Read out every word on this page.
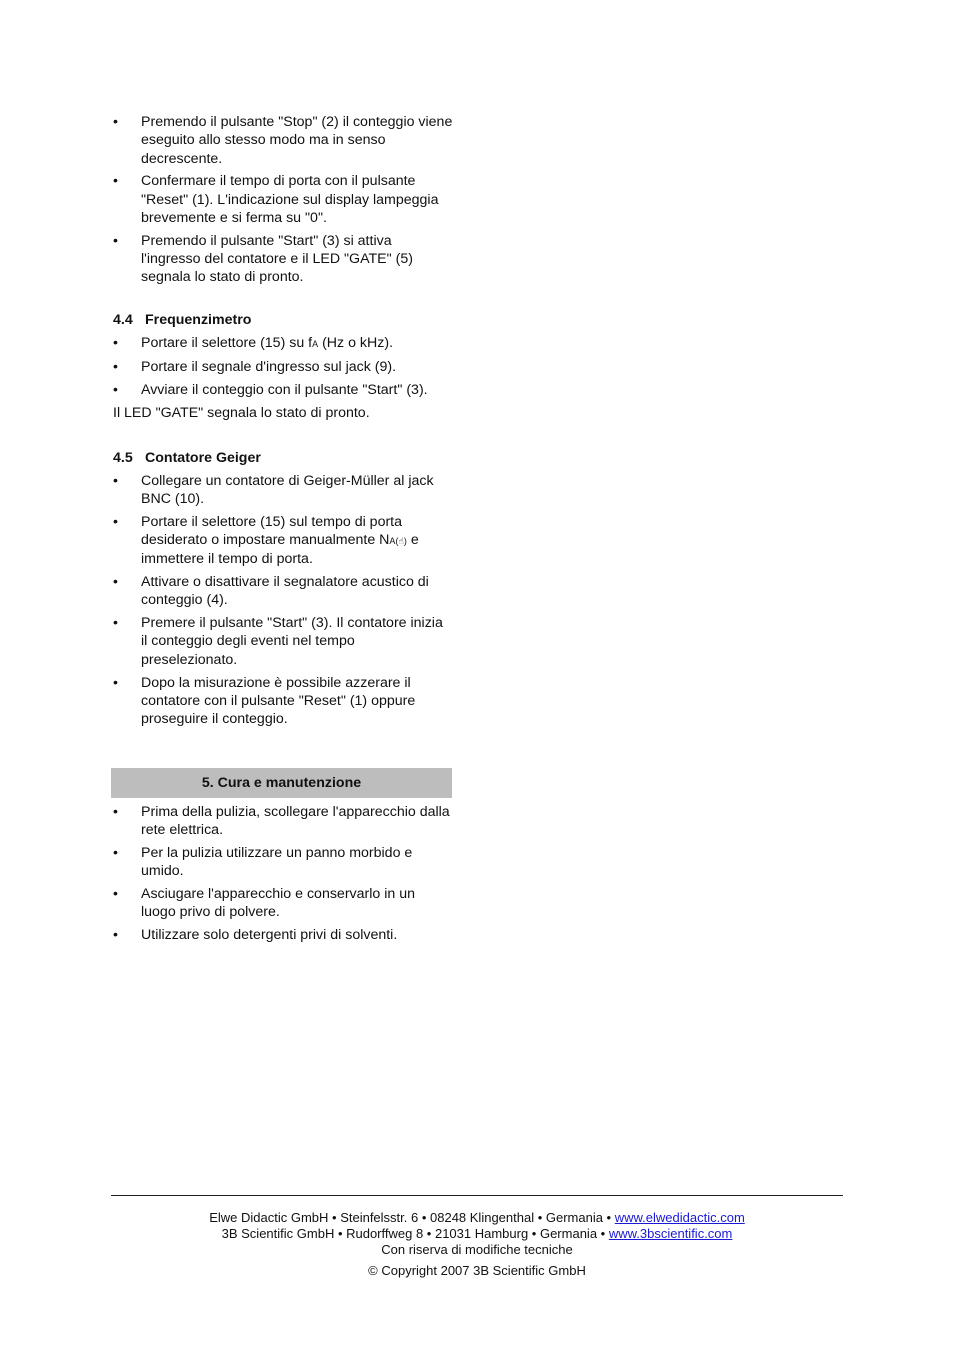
• Premendo il pulsante "Stop" (2) il conteggio viene eseguito allo stesso modo ma in senso decrescente.
• Confermare il tempo di porta con il pulsante "Reset" (1). L'indicazione sul display lampeggia brevemente e si ferma su "0".
• Premendo il pulsante "Start" (3) si attiva l'ingresso del contatore e il LED "GATE" (5) segnala lo stato di pronto.

4.4 Frequenzimetro

• Portare il selettore (15) su fA (Hz o kHz).
• Portare il segnale d'ingresso sul jack (9).
• Avviare il conteggio con il pulsante "Start" (3).

Il LED "GATE" segnala lo stato di pronto.

4.5 Contatore Geiger

• Collegare un contatore di Geiger-Müller al jack BNC (10).
• Portare il selettore (15) sul tempo di porta desiderato o impostare manualmente NA(☝) e immettere il tempo di porta.
• Attivare o disattivare il segnalatore acustico di conteggio (4).
• Premere il pulsante "Start" (3). Il contatore inizia il conteggio degli eventi nel tempo preselezionato.
• Dopo la misurazione è possibile azzerare il contatore con il pulsante "Reset" (1) oppure proseguire il conteggio.
5. Cura e manutenzione
• Prima della pulizia, scollegare l'apparecchio dalla rete elettrica.
• Per la pulizia utilizzare un panno morbido e umido.
• Asciugare l'apparecchio e conservarlo in un luogo privo di polvere.
• Utilizzare solo detergenti privi di solventi.
Elwe Didactic GmbH • Steinfelsstr. 6 • 08248 Klingenthal • Germania • www.elwedidactic.com
3B Scientific GmbH • Rudorffweg 8 • 21031 Hamburg • Germania • www.3bscientific.com
Con riserva di modifiche tecniche
© Copyright 2007 3B Scientific GmbH
